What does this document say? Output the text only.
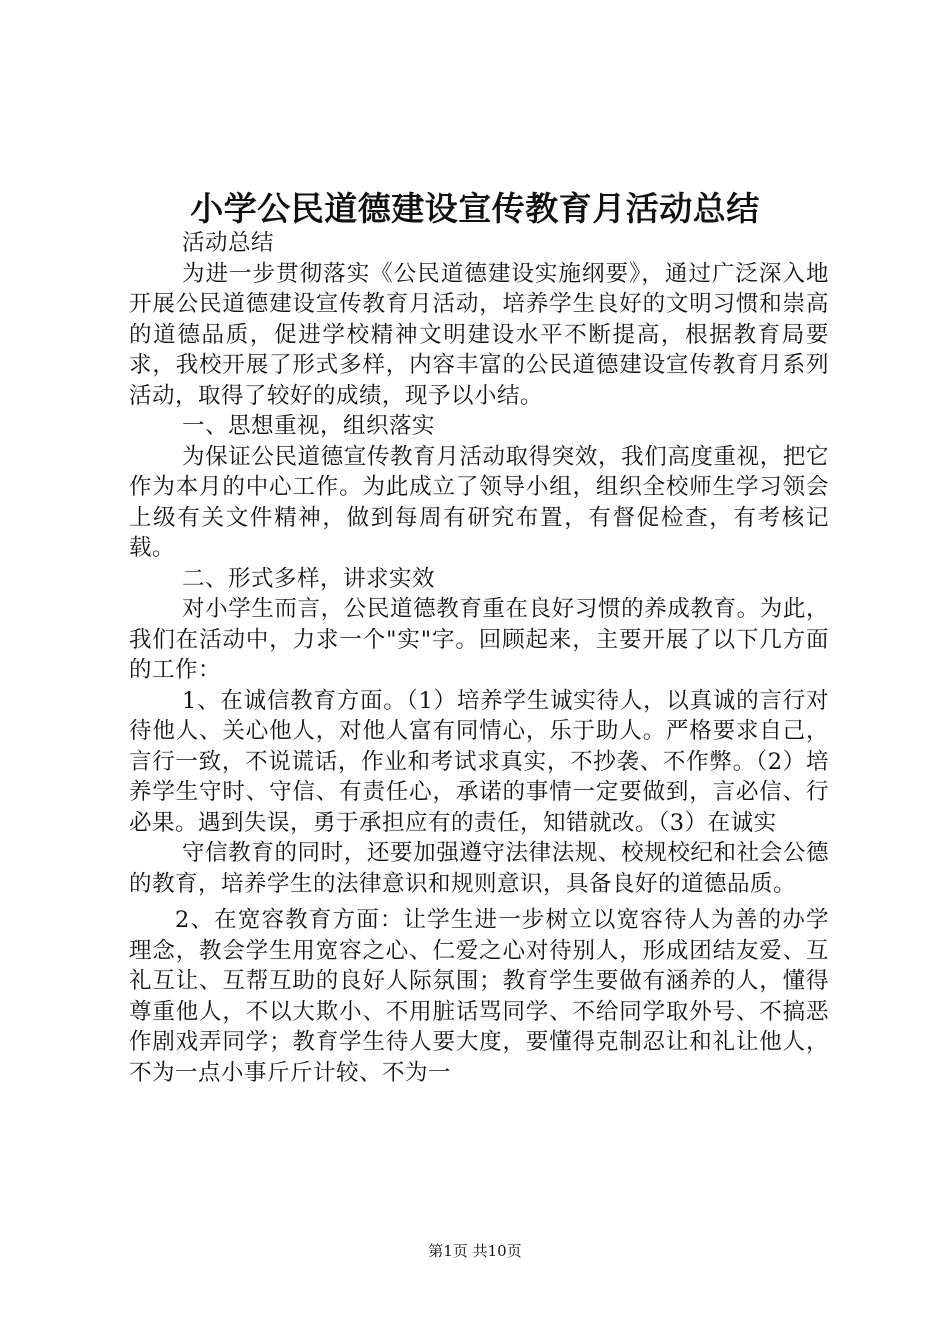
小学公民道德建设宣传教育月活动总结

活动总结

为进一步贯彻落实《公民道德建设实施纲要》，通过广泛深入地开展公民道德建设宣传教育月活动，培养学生良好的文明习惯和崇高的道德品质，促进学校精神文明建设水平不断提高，根据教育局要求，我校开展了形式多样，内容丰富的公民道德建设宣传教育月系列活动，取得了较好的成绩，现予以小结。

一、思想重视，组织落实

为保证公民道德宣传教育月活动取得突效，我们高度重视，把它作为本月的中心工作。为此成立了领导小组，组织全校师生学习领会上级有关文件精神，做到每周有研究布置，有督促检查，有考核记载。

二、形式多样，讲求实效

对小学生而言，公民道德教育重在良好习惯的养成教育。为此，我们在活动中，力求一个"实"字。回顾起来，主要开展了以下几方面的工作：

1、在诚信教育方面。（1）培养学生诚实待人，以真诚的言行对待他人、关心他人，对他人富有同情心，乐于助人。严格要求自己，言行一致，不说谎话，作业和考试求真实，不抄袭、不作弊。（2）培养学生守时、守信、有责任心，承诺的事情一定要做到，言必信、行必果。遇到失误，勇于承担应有的责任，知错就改。（3）在诚实

守信教育的同时，还要加强遵守法律法规、校规校纪和社会公德的教育，培养学生的法律意识和规则意识，具备良好的道德品质。

2、在宽容教育方面：让学生进一步树立以宽容待人为善的办学理念，教会学生用宽容之心、仁爱之心对待别人，形成团结友爱、互礼互让、互帮互助的良好人际氛围；教育学生要做有涵养的人，懂得尊重他人，不以大欺小、不用脏话骂同学、不给同学取外号、不搞恶作剧戏弄同学；教育学生待人要大度，要懂得克制忍让和礼让他人，不为一点小事斤斤计较、不为一

第1页 共10页
